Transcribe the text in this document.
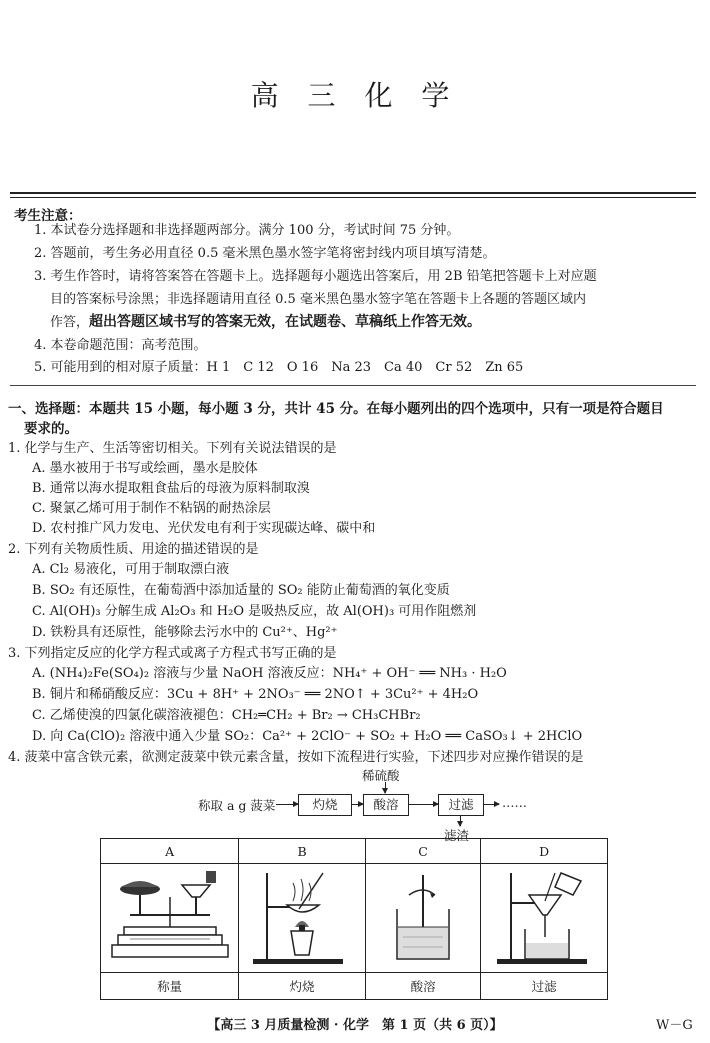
高 三 化 学
考生注意：
1. 本试卷分选择题和非选择题两部分。满分 100 分，考试时间 75 分钟。
2. 答题前，考生务必用直径 0.5 毫米黑色墨水签字笔将密封线内项目填写清楚。
3. 考生作答时，请将答案答在答题卡上。选择题每小题选出答案后，用 2B 铅笔把答题卡上对应题
目的答案标号涂黑；非选择题请用直径 0.5 毫米黑色墨水签字笔在答题卡上各题的答题区域内
作答，超出答题区域书写的答案无效，在试题卷、草稿纸上作答无效。
4. 本卷命题范围：高考范围。
5. 可能用到的相对原子质量：H 1　C 12　O 16　Na 23　Ca 40　Cr 52　Zn 65
一、选择题：本题共 15 小题，每小题 3 分，共计 45 分。在每小题列出的四个选项中，只有一项是符合题目
要求的。
1. 化学与生产、生活等密切相关。下列有关说法错误的是
A. 墨水被用于书写或绘画，墨水是胶体
B. 通常以海水提取粗食盐后的母液为原料制取溴
C. 聚氯乙烯可用于制作不粘锅的耐热涂层
D. 农村推广风力发电、光伏发电有利于实现碳达峰、碳中和
2. 下列有关物质性质、用途的描述错误的是
A. Cl₂ 易液化，可用于制取漂白液
B. SO₂ 有还原性，在葡萄酒中添加适量的 SO₂ 能防止葡萄酒的氧化变质
C. Al(OH)₃ 分解生成 Al₂O₃ 和 H₂O 是吸热反应，故 Al(OH)₃ 可用作阻燃剂
D. 铁粉具有还原性，能够除去污水中的 Cu²⁺、Hg²⁺
3. 下列指定反应的化学方程式或离子方程式书写正确的是
A. (NH₄)₂Fe(SO₄)₂ 溶液与少量 NaOH 溶液反应：NH₄⁺ + OH⁻ ══ NH₃ · H₂O
B. 铜片和稀硝酸反应：3Cu + 8H⁺ + 2NO₃⁻ ══ 2NO↑ + 3Cu²⁺ + 4H₂O
C. 乙烯使溴的四氯化碳溶液褪色：CH₂═CH₂ + Br₂ → CH₃CHBr₂
D. 向 Ca(ClO)₂ 溶液中通入少量 SO₂：Ca²⁺ + 2ClO⁻ + SO₂ + H₂O ══ CaSO₃↓ + 2HClO
4. 菠菜中富含铁元素，欲测定菠菜中铁元素含量，按如下流程进行实验，下述四步对应操作错误的是
稀硫酸
称取 a g 菠菜	灼烧	酸溶	过滤	……
滤渣
A	B	C	D

称量	灼烧	酸溶	过滤
【高三 3 月质量检测 · 化学　第 1 页（共 6 页）】	W－G
